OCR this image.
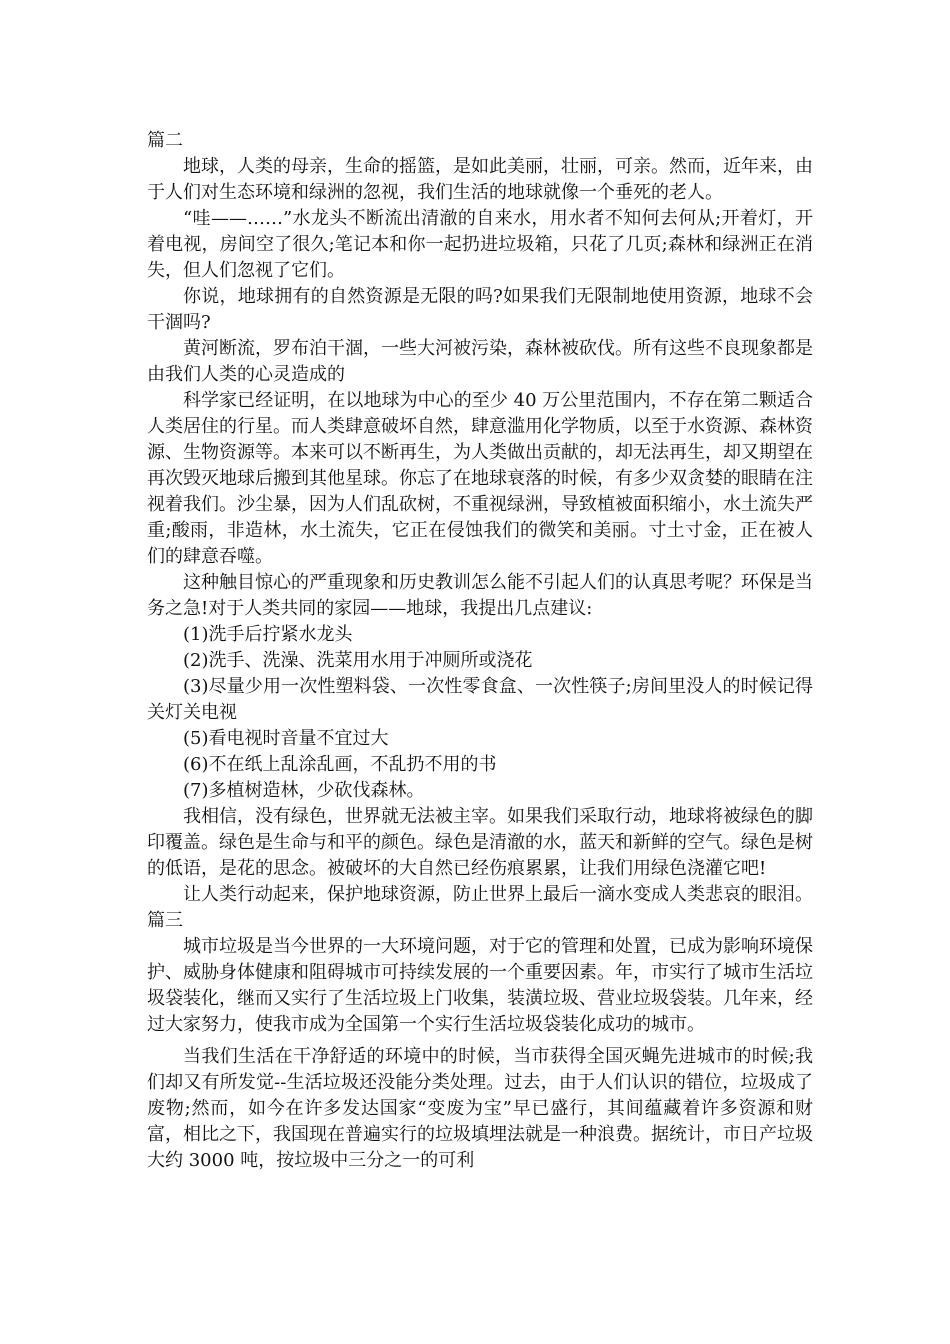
篇二

地球，人类的母亲，生命的摇篮，是如此美丽，壮丽，可亲。然而，近年来，由于人们对生态环境和绿洲的忽视，我们生活的地球就像一个垂死的老人。

“哇——……”水龙头不断流出清澈的自来水，用水者不知何去何从;开着灯，开着电视，房间空了很久;笔记本和你一起扔进垃圾箱，只花了几页;森林和绿洲正在消失，但人们忽视了它们。

你说，地球拥有的自然资源是无限的吗?如果我们无限制地使用资源，地球不会干涸吗?

黄河断流，罗布泊干涸，一些大河被污染，森林被砍伐。所有这些不良现象都是由我们人类的心灵造成的

科学家已经证明，在以地球为中心的至少 40 万公里范围内，不存在第二颗适合人类居住的行星。而人类肆意破坏自然，肆意滥用化学物质，以至于水资源、森林资源、生物资源等。本来可以不断再生，为人类做出贡献的，却无法再生，却又期望在再次毁灭地球后搬到其他星球。你忘了在地球衰落的时候，有多少双贪婪的眼睛在注视着我们。沙尘暴，因为人们乱砍树，不重视绿洲，导致植被面积缩小，水土流失严重;酸雨，非造林，水土流失，它正在侵蚀我们的微笑和美丽。寸土寸金，正在被人们的肆意吞噬。

这种触目惊心的严重现象和历史教训怎么能不引起人们的认真思考呢？环保是当务之急!对于人类共同的家园——地球，我提出几点建议:

(1)洗手后拧紧水龙头

(2)洗手、洗澡、洗菜用水用于冲厕所或浇花

(3)尽量少用一次性塑料袋、一次性零食盒、一次性筷子;房间里没人的时候记得关灯关电视

(5)看电视时音量不宜过大

(6)不在纸上乱涂乱画，不乱扔不用的书

(7)多植树造林，少砍伐森林。

我相信，没有绿色，世界就无法被主宰。如果我们采取行动，地球将被绿色的脚印覆盖。绿色是生命与和平的颜色。绿色是清澈的水，蓝天和新鲜的空气。绿色是树的低语，是花的思念。被破坏的大自然已经伤痕累累，让我们用绿色浇灌它吧!

让人类行动起来，保护地球资源，防止世界上最后一滴水变成人类悲哀的眼泪。

篇三

城市垃圾是当今世界的一大环境问题，对于它的管理和处置，已成为影响环境保护、威胁身体健康和阻碍城市可持续发展的一个重要因素。年，市实行了城市生活垃圾袋装化，继而又实行了生活垃圾上门收集，装潢垃圾、营业垃圾袋装。几年来，经过大家努力，使我市成为全国第一个实行生活垃圾袋装化成功的城市。

当我们生活在干净舒适的环境中的时候，当市获得全国灭蝇先进城市的时候;我们却又有所发觉--生活垃圾还没能分类处理。过去，由于人们认识的错位，垃圾成了废物;然而，如今在许多发达国家“变废为宝”早已盛行，其间蕴藏着许多资源和财富，相比之下，我国现在普遍实行的垃圾填埋法就是一种浪费。据统计，市日产垃圾大约 3000 吨，按垃圾中三分之一的可利
